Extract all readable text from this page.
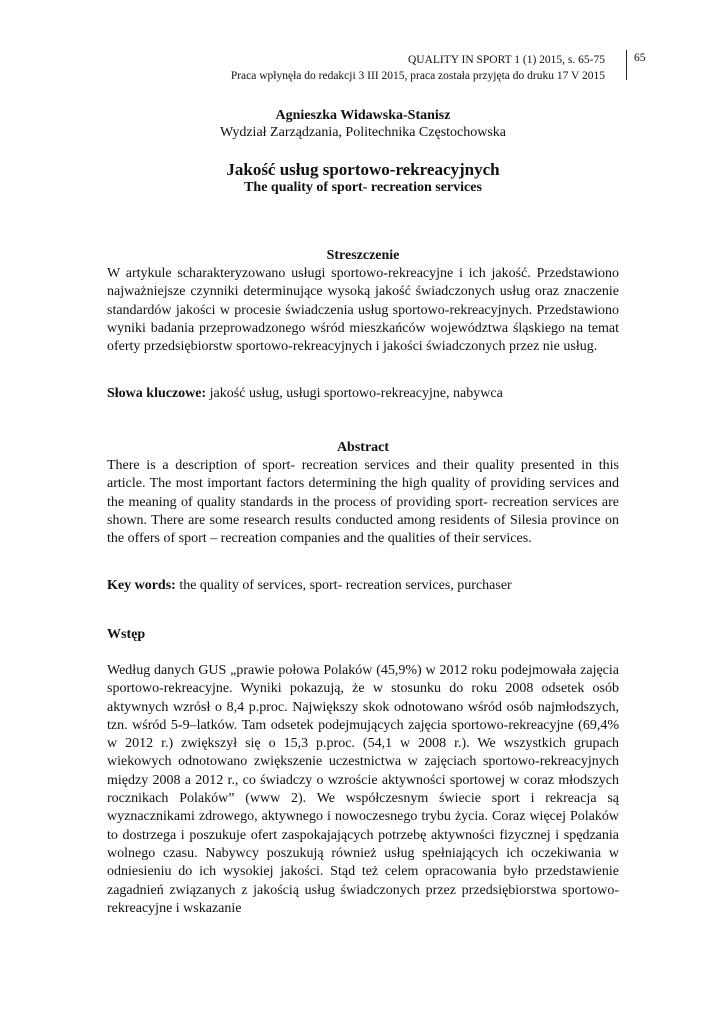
QUALITY IN SPORT 1 (1) 2015, s. 65-75
Praca wpłynęła do redakcji 3 III 2015, praca została przyjęta do druku 17 V 2015
65
Agnieszka Widawska-Stanisz
Wydział Zarządzania, Politechnika Częstochowska
Jakość usług sportowo-rekreacyjnych
The quality of sport- recreation services
Streszczenie
W artykule scharakteryzowano usługi sportowo-rekreacyjne i ich jakość. Przedstawiono najważniejsze czynniki determinujące wysoką jakość świadczonych usług oraz znaczenie standardów jakości w procesie świadczenia usług sportowo-rekreacyjnych. Przedstawiono wyniki badania przeprowadzonego wśród mieszkańców województwa śląskiego na temat oferty przedsiębiorstw sportowo-rekreacyjnych i jakości świadczonych przez nie usług.
Słowa kluczowe: jakość usług, usługi sportowo-rekreacyjne, nabywca
Abstract
There is a description of sport- recreation services and their quality presented in this article. The most important factors determining the high quality of providing services and the meaning of quality standards in the process of providing sport- recreation services are shown. There are some research results conducted among residents of Silesia province on the offers of sport – recreation companies and the qualities of their services.
Key words: the quality of services, sport- recreation services, purchaser
Wstęp
Według danych GUS „prawie połowa Polaków (45,9%) w 2012 roku podejmowała zajęcia sportowo-rekreacyjne. Wyniki pokazują, że w stosunku do roku 2008 odsetek osób aktywnych wzrósł o 8,4 p.proc. Największy skok odnotowano wśród osób najmłodszych, tzn. wśród 5-9–latków. Tam odsetek podejmujących zajęcia sportowo-rekreacyjne (69,4% w 2012 r.) zwiększył się o 15,3 p.proc. (54,1 w 2008 r.). We wszystkich grupach wiekowych odnotowano zwiększenie uczestnictwa w zajęciach sportowo-rekreacyjnych między 2008 a 2012 r., co świadczy o wzroście aktywności sportowej w coraz młodszych rocznikach Polaków” (www 2). We współczesnym świecie sport i rekreacja są wyznacznikami zdrowego, aktywnego i nowoczesnego trybu życia. Coraz więcej Polaków to dostrzega i poszukuje ofert zaspokajających potrzebę aktywności fizycznej i spędzania wolnego czasu. Nabywcy poszukują również usług spełniających ich oczekiwania w odniesieniu do ich wysokiej jakości. Stąd też celem opracowania było przedstawienie zagadnień związanych z jakością usług świadczonych przez przedsiębiorstwa sportowo-rekreacyjne i wskazanie
